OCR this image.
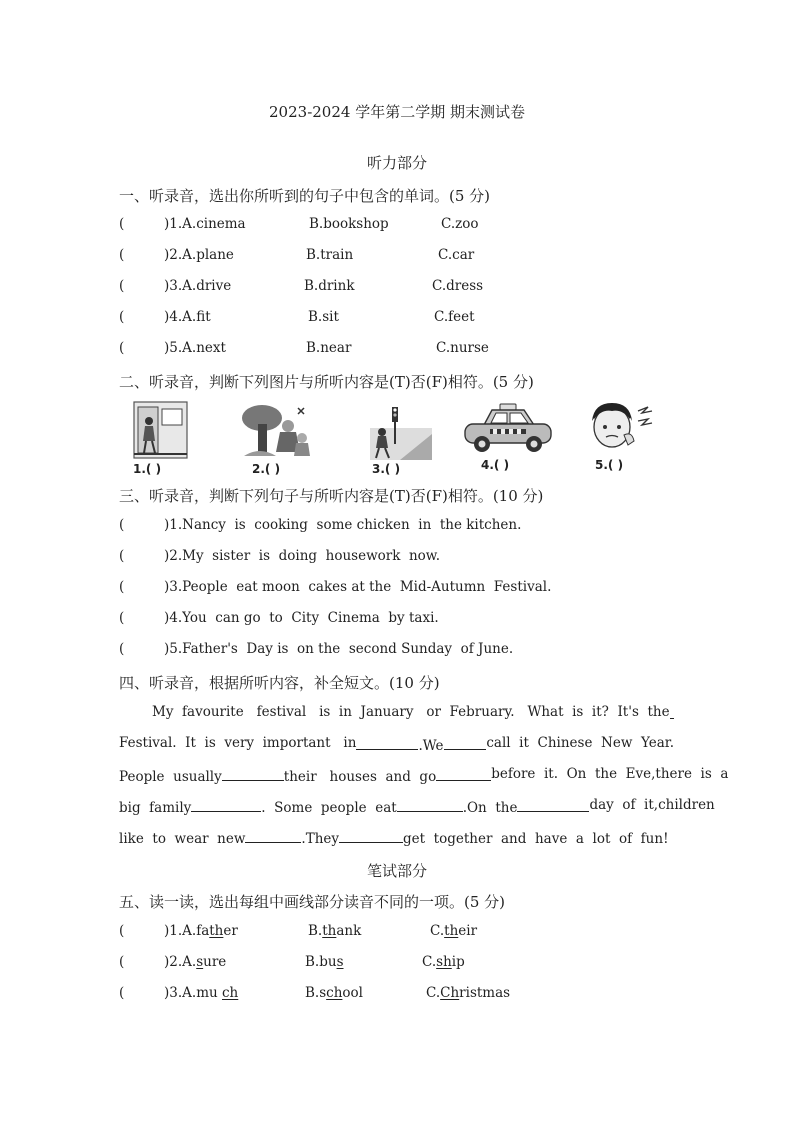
2023-2024 学年第二学期 期末测试卷
听力部分
一、听录音，选出你所听到的句子中包含的单词。(5 分)
(	)1.A.cinema	B.bookshop	C.zoo
(	)2.A.plane	B.train	C.car
(	)3.A.drive	B.drink	C.dress
(	)4.A.fit	B.sit	C.feet
(	)5.A.next	B.near	C.nurse
二、听录音，判断下列图片与所听内容是(T)否(F)相符。(5 分)
1.( )	2.( )	3.( )	4.( )	5.( )
三、听录音，判断下列句子与所听内容是(T)否(F)相符。(10 分)
(	)1.Nancy  is  cooking  some chicken  in  the kitchen.
(	)2.My  sister  is  doing  housework  now.
(	)3.People  eat moon  cakes at the  Mid-Autumn  Festival.
(	)4.You  can go  to  City  Cinema  by taxi.
(	)5.Father's  Day is  on the  second Sunday  of June.
四、听录音，根据所听内容，补全短文。(10 分)
My  favourite   festival   is  in  January   or  February.   What  is  it?  It's  the
Festival.  It  is  very  important   in	.We	call  it  Chinese  New  Year.
People  usually	their   houses  and  go	before  it.  On  the  Eve,there  is  a
big  family	.  Some  people  eat	.On  the	day  of  it,children
like  to  wear  new	.They	get  together  and  have  a  lot  of  fun!
笔试部分
五、读一读，选出每组中画线部分读音不同的一项。(5 分)
(	)1.A.father	B.thank	C.their
(	)2.A.sure	B.bus	C.ship
(	)3.A.mu ch	B.school	C.Christmas
